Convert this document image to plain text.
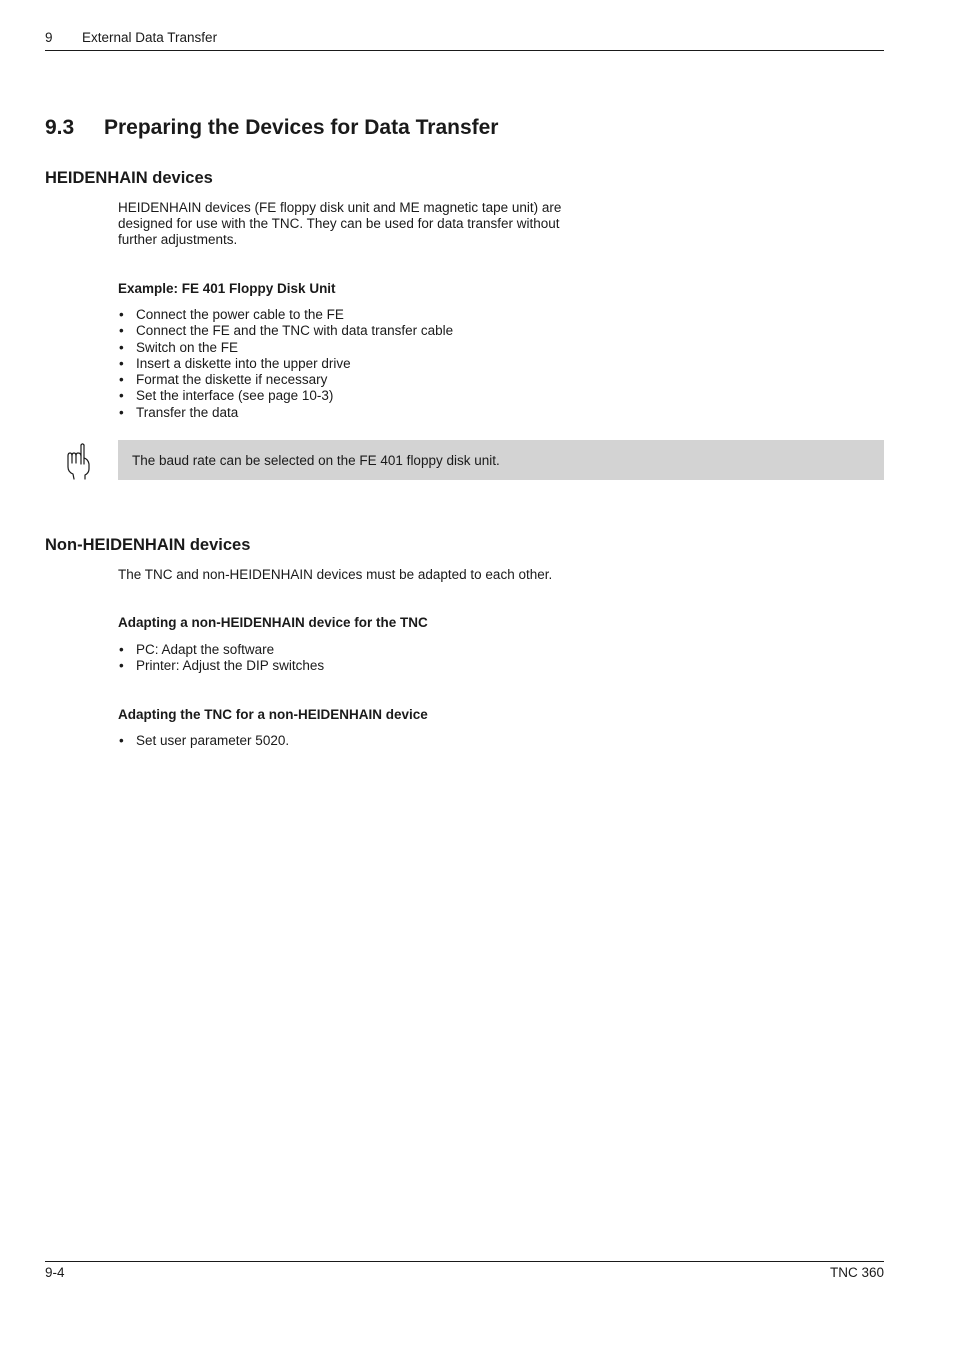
9 External Data Transfer
9.3 Preparing the Devices for Data Transfer
HEIDENHAIN devices
HEIDENHAIN devices (FE floppy disk unit and ME magnetic tape unit) are
designed for use with the TNC. They can be used for data transfer without
further adjustments.
Example: FE 401 Floppy Disk Unit
• Connect the power cable to the FE
• Connect the FE and the TNC with data transfer cable
• Switch on the FE
• Insert a diskette into the upper drive
• Format the diskette if necessary
• Set the interface (see page 10-3)
• Transfer the data
The baud rate can be selected on the FE 401 floppy disk unit.
Non-HEIDENHAIN devices
The TNC and non-HEIDENHAIN devices must be adapted to each other.
Adapting a non-HEIDENHAIN device for the TNC
• PC: Adapt the software
• Printer: Adjust the DIP switches
Adapting the TNC for a non-HEIDENHAIN device
• Set user parameter 5020.
9-4	TNC 360
